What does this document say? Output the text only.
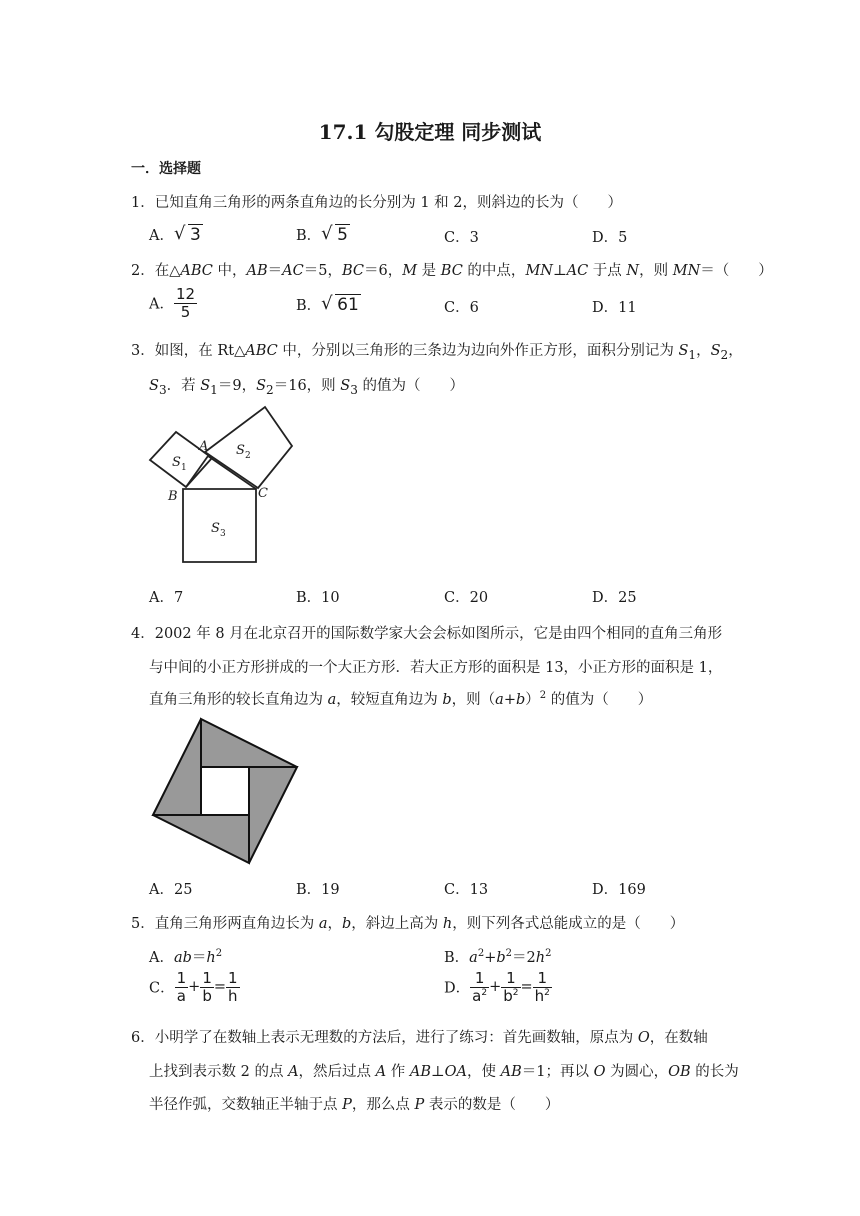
17.1 勾股定理 同步测试
一．选择题
1．已知直角三角形的两条直角边的长分别为 1 和 2，则斜边的长为（　　）
A． √ 3	B． √ 5	C．3	D．5
2．在△ABC 中，AB＝AC＝5，BC＝6，M 是 BC 的中点，MN⊥AC 于点 N，则 MN＝（　　）
A． $\frac{12}{5}$	B． √ 61	C．6	D．11
3．如图，在 Rt△ABC 中，分别以三角形的三条边为边向外作正方形，面积分别记为 $S_1$，$S_2$，
$S_3$．若 $S_1=9$，$S_2=16$，则 $S_3$ 的值为（　　）
A
B	C
S 1
S 2
S 3
A．7	B．10	C．20	D．25
4．2002 年 8 月在北京召开的国际数学家大会会标如图所示，它是由四个相同的直角三角形
与中间的小正方形拼成的一个大正方形．若大正方形的面积是 13，小正方形的面积是 1，
直角三角形的较长直角边为 a，较短直角边为 b，则$(a+b)^2$ 的值为（　　）
A．25	B．19	C．13	D．169
5．直角三角形两直角边长为 a，b，斜边上高为 h，则下列各式总能成立的是（　　）
A．$ab=h^2$	B．$a^2+b^2=2h^2$
C． $\frac{1}{a} + \frac{1}{b} = \frac{1}{h}$	D． $\frac{1}{a^2} + \frac{1}{b^2} = \frac{1}{h^2}$
6．小明学了在数轴上表示无理数的方法后，进行了练习：首先画数轴，原点为 O，在数轴
上找到表示数 2 的点 A，然后过点 A 作 AB⊥OA，使 AB＝1；再以 O 为圆心，OB 的长为
半径作弧，交数轴正半轴于点 P，那么点 P 表示的数是（　　）
